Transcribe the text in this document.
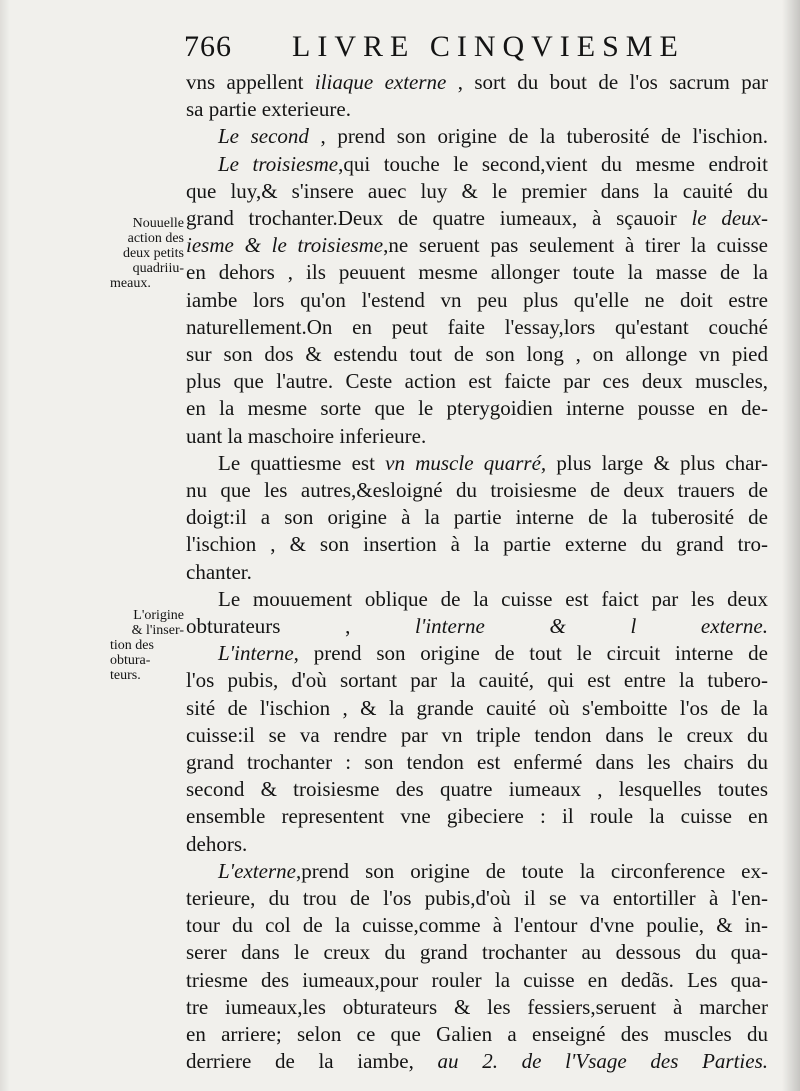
766 LIVRE CINQVIESME
Nouuelle
action des
deux petits
quadriiu-
meaux.
L'origine
& l'inser-
tion des
obtura-
teurs.
vns appellent iliaque externe , sort du bout de l'os sacrum par
sa partie exterieure.
Le second , prend son origine de la tuberosité de l'ischion.
Le troisiesme,qui touche le second,vient du mesme endroit
que luy,& s'insere auec luy & le premier dans la cauité du
grand trochanter.Deux de quatre iumeaux, à sçauoir le deux-
iesme & le troisiesme,ne seruent pas seulement à tirer la cuisse
en dehors , ils peuuent mesme allonger toute la masse de la
iambe lors qu'on l'estend vn peu plus qu'elle ne doit estre
naturellement.On en peut faite l'essay,lors qu'estant couché
sur son dos & estendu tout de son long , on allonge vn pied
plus que l'autre. Ceste action est faicte par ces deux muscles,
en la mesme sorte que le pterygoidien interne pousse en de-
uant la maschoire inferieure.
Le quattiesme est vn muscle quarré, plus large & plus char-
nu que les autres,&esloigné du troisiesme de deux trauers de
doigt:il a son origine à la partie interne de la tuberosité de
l'ischion , & son insertion à la partie externe du grand tro-
chanter.
Le mouuement oblique de la cuisse est faict par les deux
obturateurs , l'interne & l externe.
L'interne, prend son origine de tout le circuit interne de
l'os pubis, d'où sortant par la cauité, qui est entre la tubero-
sité de l'ischion , & la grande cauité où s'emboitte l'os de la
cuisse:il se va rendre par vn triple tendon dans le creux du
grand trochanter : son tendon est enfermé dans les chairs du
second & troisiesme des quatre iumeaux , lesquelles toutes
ensemble representent vne gibeciere : il roule la cuisse en
dehors.
L'externe,prend son origine de toute la circonference ex-
terieure, du trou de l'os pubis,d'où il se va entortiller à l'en-
tour du col de la cuisse,comme à l'entour d'vne poulie, & in-
serer dans le creux du grand trochanter au dessous du qua-
triesme des iumeaux,pour rouler la cuisse en dedãs. Les qua-
tre iumeaux,les obturateurs & les fessiers,seruent à marcher
en arriere; selon ce que Galien a enseigné des muscles du
derriere de la iambe, au 2. de l'Vsage des Parties.
